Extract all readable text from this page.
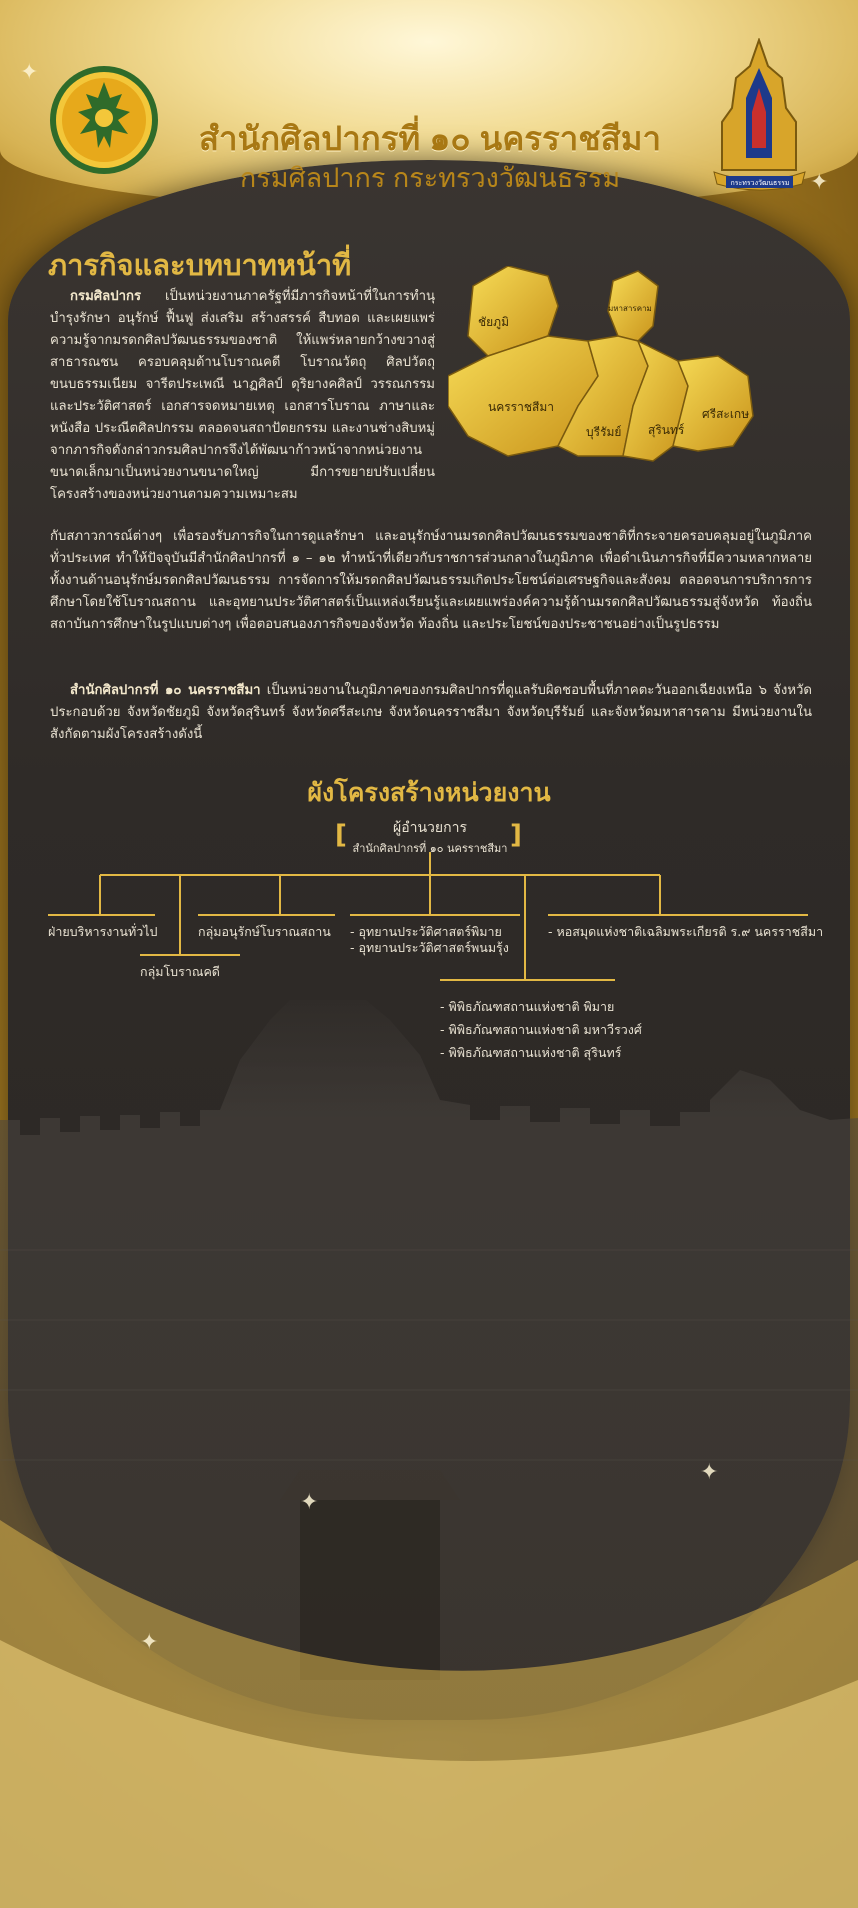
✦
✦
✦
✦
✦
กระทรวงวัฒนธรรม
สำนักศิลปากรที่ ๑๐ นครราชสีมา
กรมศิลปากร กระทรวงวัฒนธรรม
ภารกิจและบทบาทหน้าที่
กรมศิลปากร เป็นหน่วยงานภาครัฐที่มีภารกิจหน้าที่ในการทำนุบำรุงรักษา อนุรักษ์ ฟื้นฟู ส่งเสริม สร้างสรรค์ สืบทอด และเผยแพร่ความรู้จากมรดกศิลปวัฒนธรรมของชาติ ให้แพร่หลายกว้างขวางสู่สาธารณชน ครอบคลุมด้านโบราณคดี โบราณวัตถุ ศิลปวัตถุ ขนบธรรมเนียม จารีตประเพณี นาฏศิลป์ ดุริยางคศิลป์ วรรณกรรมและประวัติศาสตร์ เอกสารจดหมายเหตุ เอกสารโบราณ ภาษาและหนังสือ ประณีตศิลปกรรม ตลอดจนสถาปัตยกรรม และงานช่างสิบหมู่ จากภารกิจดังกล่าวกรมศิลปากรจึงได้พัฒนาก้าวหน้าจากหน่วยงานขนาดเล็กมาเป็นหน่วยงานขนาดใหญ่ มีการขยายปรับเปลี่ยนโครงสร้างของหน่วยงานตามความเหมาะสม
ชัยภูมิ
มหาสารคาม
นครราชสีมา
บุรีรัมย์ สุรินทร์
ศรีสะเกษ
กับสภาวการณ์ต่างๆ เพื่อรองรับภารกิจในการดูแลรักษา และอนุรักษ์งานมรดกศิลปวัฒนธรรมของชาติที่กระจายครอบคลุมอยู่ในภูมิภาคทั่วประเทศ ทำให้ปัจจุบันมีสำนักศิลปากรที่ ๑ – ๑๒ ทำหน้าที่เดียวกับราชการส่วนกลางในภูมิภาค เพื่อดำเนินภารกิจที่มีความหลากหลาย ทั้งงานด้านอนุรักษ์มรดกศิลปวัฒนธรรม การจัดการให้มรดกศิลปวัฒนธรรมเกิดประโยชน์ต่อเศรษฐกิจและสังคม ตลอดจนการบริการการศึกษาโดยใช้โบราณสถาน และอุทยานประวัติศาสตร์เป็นแหล่งเรียนรู้และเผยแพร่องค์ความรู้ด้านมรดกศิลปวัฒนธรรมสู่จังหวัด ท้องถิ่น สถาบันการศึกษาในรูปแบบต่างๆ เพื่อตอบสนองภารกิจของจังหวัด ท้องถิ่น และประโยชน์ของประชาชนอย่างเป็นรูปธรรม
สำนักศิลปากรที่ ๑๐ นครราชสีมา เป็นหน่วยงานในภูมิภาคของกรมศิลปากรที่ดูแลรับผิดชอบพื้นที่ภาคตะวันออกเฉียงเหนือ ๖ จังหวัด ประกอบด้วย จังหวัดชัยภูมิ จังหวัดสุรินทร์ จังหวัดศรีสะเกษ จังหวัดนครราชสีมา จังหวัดบุรีรัมย์ และจังหวัดมหาสารคาม มีหน่วยงานในสังกัดตามผังโครงสร้างดังนี้
ผังโครงสร้างหน่วยงาน
[	]
ผู้อำนวยการ
สำนักศิลปากรที่ ๑๐ นครราชสีมา
ฝ่ายบริหารงานทั่วไป
กลุ่มโบราณคดี
กลุ่มอนุรักษ์โบราณสถาน - อุทยานประวัติศาสตร์พิมาย
- อุทยานประวัติศาสตร์พนมรุ้ง
- หอสมุดแห่งชาติเฉลิมพระเกียรติ ร.๙ นครราชสีมา
- พิพิธภัณฑสถานแห่งชาติ พิมาย
- พิพิธภัณฑสถานแห่งชาติ มหาวีรวงศ์
- พิพิธภัณฑสถานแห่งชาติ สุรินทร์
